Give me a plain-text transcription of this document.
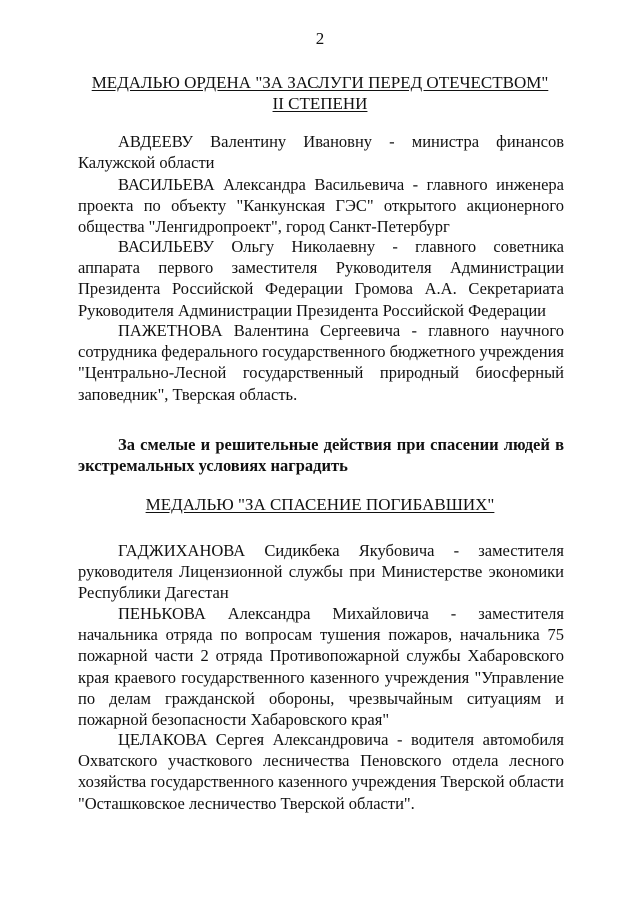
2
МЕДАЛЬЮ ОРДЕНА "ЗА ЗАСЛУГИ ПЕРЕД ОТЕЧЕСТВОМ"
II СТЕПЕНИ

АВДЕЕВУ Валентину Ивановну - министра финансов Калужской области

ВАСИЛЬЕВА Александра Васильевича - главного инженера проекта по объекту "Канкунская ГЭС" открытого акционерного общества "Ленгидропроект", город Санкт-Петербург

ВАСИЛЬЕВУ Ольгу Николаевну - главного советника аппарата первого заместителя Руководителя Администрации Президента Российской Федерации Громова А.А. Секретариата Руководителя Администрации Президента Российской Федерации

ПАЖЕТНОВА Валентина Сергеевича - главного научного сотрудника федерального государственного бюджетного учреждения "Центрально-Лесной государственный природный биосферный заповедник", Тверская область.

За смелые и решительные действия при спасении людей в экстремальных условиях наградить

МЕДАЛЬЮ "ЗА СПАСЕНИЕ ПОГИБАВШИХ"

ГАДЖИХАНОВА Сидикбека Якубовича - заместителя руководителя Лицензионной службы при Министерстве экономики Республики Дагестан

ПЕНЬКОВА Александра Михайловича - заместителя начальника отряда по вопросам тушения пожаров, начальника 75 пожарной части 2 отряда Противопожарной службы Хабаровского края краевого государственного казенного учреждения "Управление по делам гражданской обороны, чрезвычайным ситуациям и пожарной безопасности Хабаровского края"

ЦЕЛАКОВА Сергея Александровича - водителя автомобиля Охватского участкового лесничества Пеновского отдела лесного хозяйства государственного казенного учреждения Тверской области "Осташковское лесничество Тверской области".
